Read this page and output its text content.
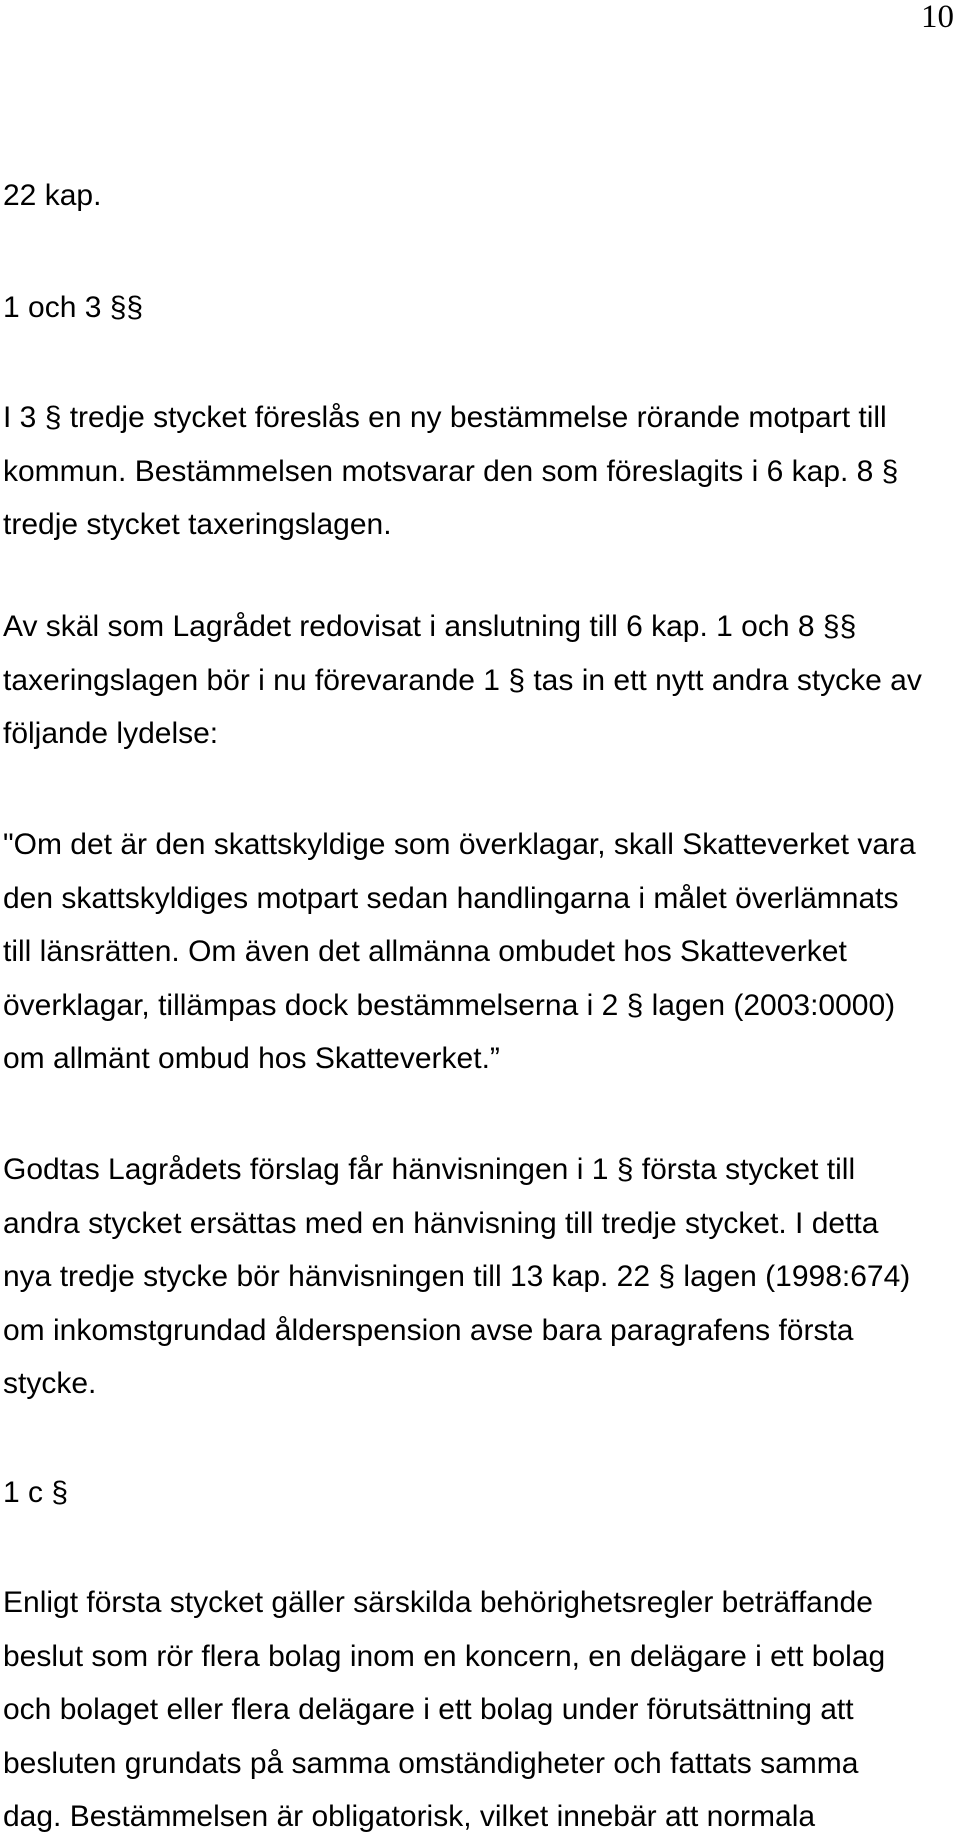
10
22 kap.
1 och 3 §§
I 3 § tredje stycket föreslås en ny bestämmelse rörande motpart till
kommun. Bestämmelsen motsvarar den som föreslagits i 6 kap. 8 §
tredje stycket taxeringslagen.
Av skäl som Lagrådet redovisat i anslutning till 6 kap. 1 och 8 §§
taxeringslagen bör i nu förevarande 1 § tas in ett nytt andra stycke av
följande lydelse:
"Om det är den skattskyldige som överklagar, skall Skatteverket vara
den skattskyldiges motpart sedan handlingarna i målet överlämnats
till länsrätten. Om även det allmänna ombudet hos Skatteverket
överklagar, tillämpas dock bestämmelserna i 2 § lagen (2003:0000)
om allmänt ombud hos Skatteverket.”
Godtas Lagrådets förslag får hänvisningen i 1 § första stycket till
andra stycket ersättas med en hänvisning till tredje stycket. I detta
nya tredje stycke bör hänvisningen till 13 kap. 22 § lagen (1998:674)
om inkomstgrundad ålderspension avse bara paragrafens första
stycke.
1 c §
Enligt första stycket gäller särskilda behörighetsregler beträffande
beslut som rör flera bolag inom en koncern, en delägare i ett bolag
och bolaget eller flera delägare i ett bolag under förutsättning att
besluten grundats på samma omständigheter och fattats samma
dag. Bestämmelsen är obligatorisk, vilket innebär att normala
